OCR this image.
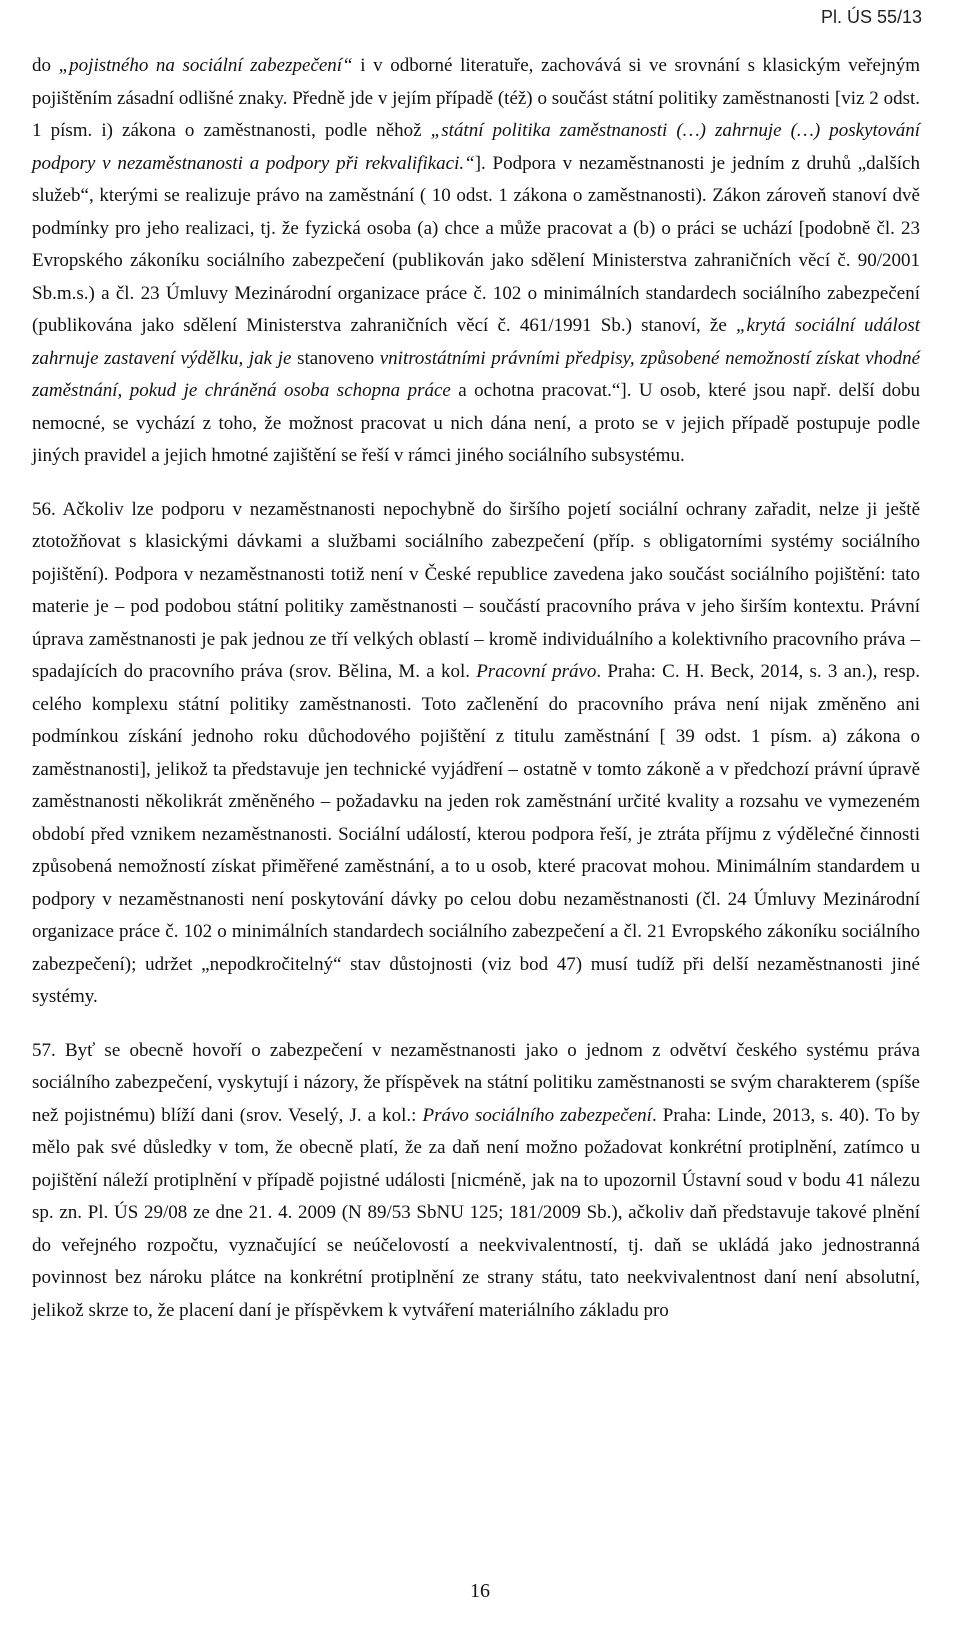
Pl. ÚS 55/13

do „pojistného na sociální zabezpečení“ i v odborné literatuře, zachovává si ve srovnání s klasickým veřejným pojištěním zásadní odlišné znaky. Předně jde v jejím případě (též) o součást státní politiky zaměstnanosti [viz 2 odst. 1 písm. i) zákona o zaměstnanosti, podle něhož „státní politika zaměstnanosti (…) zahrnuje (…) poskytování podpory v nezaměstnanosti a podpory při rekvalifikaci.“]. Podpora v nezaměstnanosti je jedním z druhů „dalších služeb“, kterými se realizuje právo na zaměstnání ( 10 odst. 1 zákona o zaměstnanosti). Zákon zároveň stanoví dvě podmínky pro jeho realizaci, tj. že fyzická osoba (a) chce a může pracovat a (b) o práci se uchází [podobně čl. 23 Evropského zákoníku sociálního zabezpečení (publikován jako sdělení Ministerstva zahraničních věcí č. 90/2001 Sb.m.s.) a čl. 23 Úmluvy Mezinárodní organizace práce č. 102 o minimálních standardech sociálního zabezpečení (publikována jako sdělení Ministerstva zahraničních věcí č. 461/1991 Sb.) stanoví, že „krytá sociální událost zahrnuje zastavení výdělku, jak je stanoveno vnitrostátními právními předpisy, způsobené nemožností získat vhodné zaměstnání, pokud je chráněná osoba schopna práce a ochotna pracovat.“]. U osob, které jsou např. delší dobu nemocné, se vychází z toho, že možnost pracovat u nich dána není, a proto se v jejich případě postupuje podle jiných pravidel a jejich hmotné zajištění se řeší v rámci jiného sociálního subsystému.

56. Ačkoliv lze podporu v nezaměstnanosti nepochybně do širšího pojetí sociální ochrany zařadit, nelze ji ještě ztotožňovat s klasickými dávkami a službami sociálního zabezpečení (příp. s obligatorními systémy sociálního pojištění). Podpora v nezaměstnanosti totiž není v České republice zavedena jako součást sociálního pojištění: tato materie je – pod podobou státní politiky zaměstnanosti – součástí pracovního práva v jeho širším kontextu. Právní úprava zaměstnanosti je pak jednou ze tří velkých oblastí – kromě individuálního a kolektivního pracovního práva – spadajících do pracovního práva (srov. Bělina, M. a kol. Pracovní právo. Praha: C. H. Beck, 2014, s. 3 an.), resp. celého komplexu státní politiky zaměstnanosti. Toto začlenění do pracovního práva není nijak změněno ani podmínkou získání jednoho roku důchodového pojištění z titulu zaměstnání [ 39 odst. 1 písm. a) zákona o zaměstnanosti], jelikož ta představuje jen technické vyjádření – ostatně v tomto zákoně a v předchozí právní úpravě zaměstnanosti několikrát změněného – požadavku na jeden rok zaměstnání určité kvality a rozsahu ve vymezeném období před vznikem nezaměstnanosti. Sociální událostí, kterou podpora řeší, je ztráta příjmu z výdělečné činnosti způsobená nemožností získat přiměřené zaměstnání, a to u osob, které pracovat mohou. Minimálním standardem u podpory v nezaměstnanosti není poskytování dávky po celou dobu nezaměstnanosti (čl. 24 Úmluvy Mezinárodní organizace práce č. 102 o minimálních standardech sociálního zabezpečení a čl. 21 Evropského zákoníku sociálního zabezpečení); udržet „nepodkročitelný“ stav důstojnosti (viz bod 47) musí tudíž při delší nezaměstnanosti jiné systémy.

57. Byť se obecně hovoří o zabezpečení v nezaměstnanosti jako o jednom z odvětví českého systému práva sociálního zabezpečení, vyskytují i názory, že příspěvek na státní politiku zaměstnanosti se svým charakterem (spíše než pojistnému) blíží dani (srov. Veselý, J. a kol.: Právo sociálního zabezpečení. Praha: Linde, 2013, s. 40). To by mělo pak své důsledky v tom, že obecně platí, že za daň není možno požadovat konkrétní protiplnění, zatímco u pojištění náleží protiplnění v případě pojistné události [nicméně, jak na to upozornil Ústavní soud v bodu 41 nálezu sp. zn. Pl. ÚS 29/08 ze dne 21. 4. 2009 (N 89/53 SbNU 125; 181/2009 Sb.), ačkoliv daň představuje takové plnění do veřejného rozpočtu, vyznačující se neúčelovostí a neekvivalentností, tj. daň se ukládá jako jednostranná povinnost bez nároku plátce na konkrétní protiplnění ze strany státu, tato neekvivalentnost daní není absolutní, jelikož skrze to, že placení daní je příspěvkem k vytváření materiálního základu pro

16
